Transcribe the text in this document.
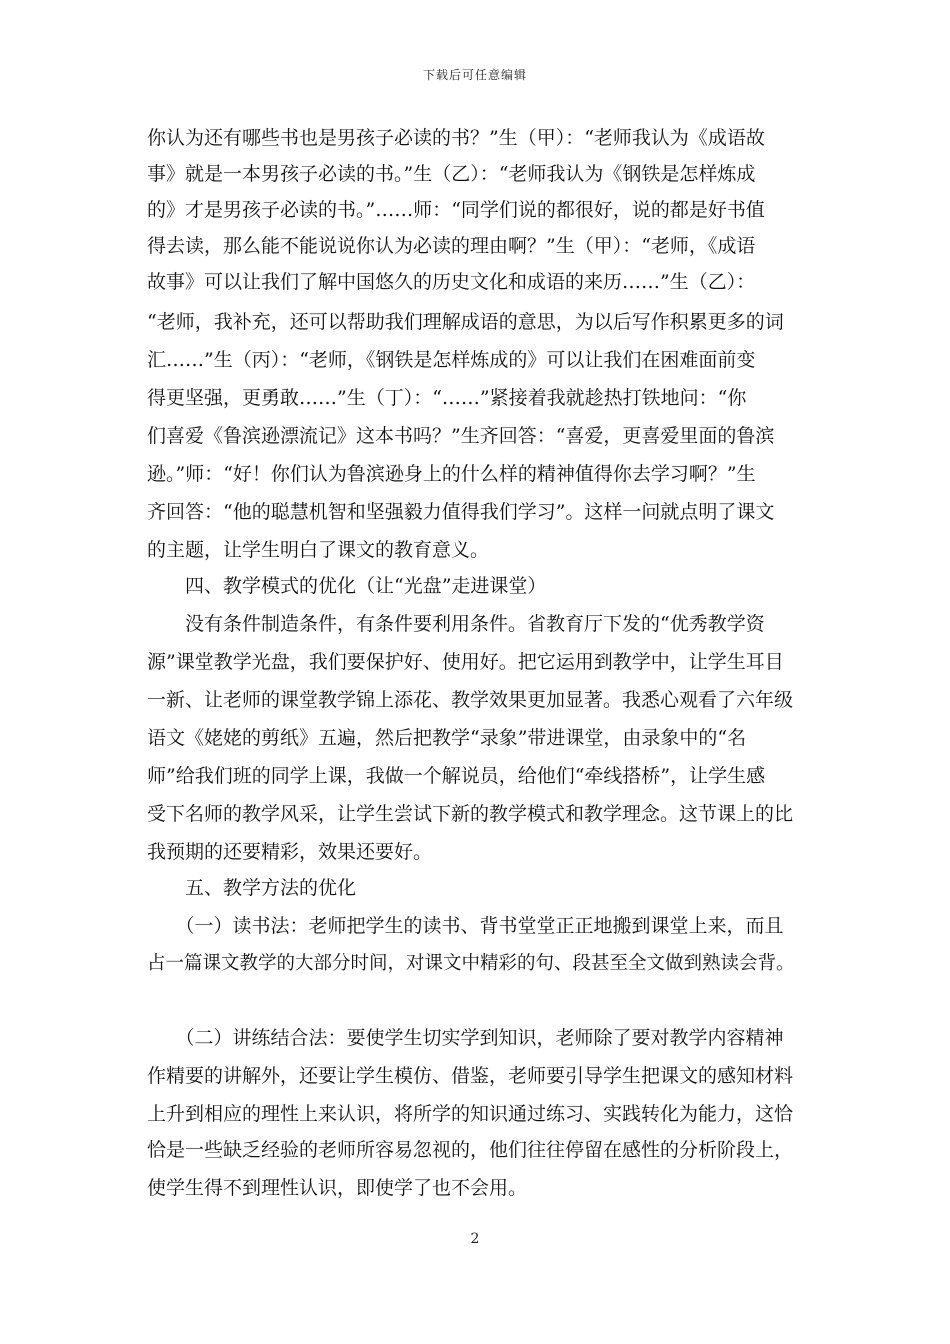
下载后可任意编辑
你认为还有哪些书也是男孩子必读的书？”生（甲）：“老师我认为《成语故
事》就是一本男孩子必读的书。”生（乙）：“老师我认为《钢铁是怎样炼成
的》才是男孩子必读的书。”……师：“同学们说的都很好，说的都是好书值
得去读，那么能不能说说你认为必读的理由啊？”生（甲）：“老师，《成语
故事》可以让我们了解中国悠久的历史文化和成语的来历……”生（乙）：
“老师，我补充，还可以帮助我们理解成语的意思，为以后写作积累更多的词
汇……”生（丙）：“老师，《钢铁是怎样炼成的》可以让我们在困难面前变
得更坚强，更勇敢……”生（丁）：“……”紧接着我就趁热打铁地问：“你
们喜爱《鲁滨逊漂流记》这本书吗？”生齐回答：“喜爱，更喜爱里面的鲁滨
逊。”师：“好！你们认为鲁滨逊身上的什么样的精神值得你去学习啊？”生
齐回答：“他的聪慧机智和坚强毅力值得我们学习”。这样一问就点明了课文
的主题，让学生明白了课文的教育意义。
　　四、教学模式的优化（让“光盘”走进课堂）
　　没有条件制造条件，有条件要利用条件。省教育厅下发的“优秀教学资
源”课堂教学光盘，我们要保护好、使用好。把它运用到教学中，让学生耳目
一新、让老师的课堂教学锦上添花、教学效果更加显著。我悉心观看了六年级
语文《姥姥的剪纸》五遍，然后把教学“录象”带进课堂，由录象中的“名
师”给我们班的同学上课，我做一个解说员，给他们“牵线搭桥”，让学生感
受下名师的教学风采，让学生尝试下新的教学模式和教学理念。这节课上的比
我预期的还要精彩，效果还要好。
　　五、教学方法的优化
　　（一）读书法：老师把学生的读书、背书堂堂正正地搬到课堂上来，而且
占一篇课文教学的大部分时间，对课文中精彩的句、段甚至全文做到熟读会背。
　　（二）讲练结合法：要使学生切实学到知识，老师除了要对教学内容精神
作精要的讲解外，还要让学生模仿、借鉴，老师要引导学生把课文的感知材料
上升到相应的理性上来认识，将所学的知识通过练习、实践转化为能力，这恰
恰是一些缺乏经验的老师所容易忽视的，他们往往停留在感性的分析阶段上，
使学生得不到理性认识，即使学了也不会用。
2
